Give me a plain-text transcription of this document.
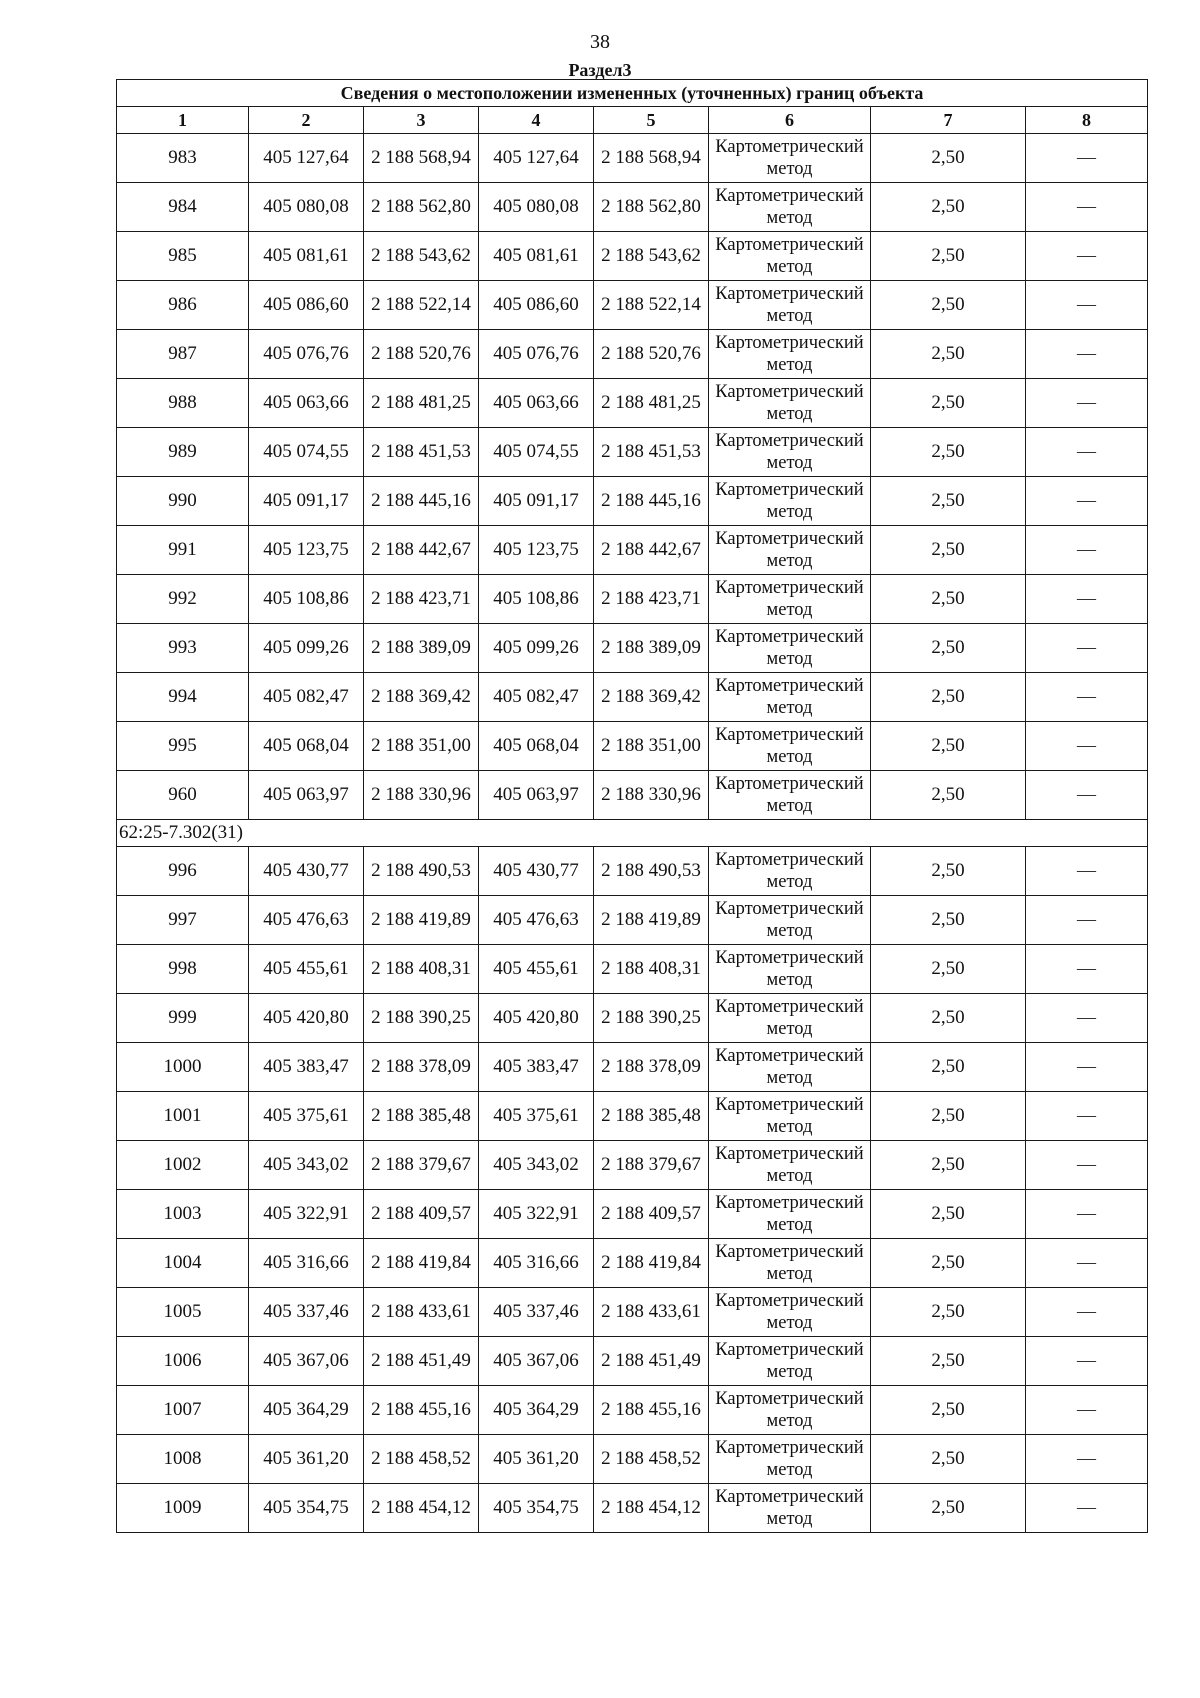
38
Раздел3
Сведения о местоположении измененных (уточненных) границ объекта							
1	2	3	4	5	6	7	8
983	405 127,64	2 188 568,94	405 127,64	2 188 568,94	Картометрический метод	2,50	—
984	405 080,08	2 188 562,80	405 080,08	2 188 562,80	Картометрический метод	2,50	—
985	405 081,61	2 188 543,62	405 081,61	2 188 543,62	Картометрический метод	2,50	—
986	405 086,60	2 188 522,14	405 086,60	2 188 522,14	Картометрический метод	2,50	—
987	405 076,76	2 188 520,76	405 076,76	2 188 520,76	Картометрический метод	2,50	—
988	405 063,66	2 188 481,25	405 063,66	2 188 481,25	Картометрический метод	2,50	—
989	405 074,55	2 188 451,53	405 074,55	2 188 451,53	Картометрический метод	2,50	—
990	405 091,17	2 188 445,16	405 091,17	2 188 445,16	Картометрический метод	2,50	—
991	405 123,75	2 188 442,67	405 123,75	2 188 442,67	Картометрический метод	2,50	—
992	405 108,86	2 188 423,71	405 108,86	2 188 423,71	Картометрический метод	2,50	—
993	405 099,26	2 188 389,09	405 099,26	2 188 389,09	Картометрический метод	2,50	—
994	405 082,47	2 188 369,42	405 082,47	2 188 369,42	Картометрический метод	2,50	—
995	405 068,04	2 188 351,00	405 068,04	2 188 351,00	Картометрический метод	2,50	—
960	405 063,97	2 188 330,96	405 063,97	2 188 330,96	Картометрический метод	2,50	—
62:25-7.302(31)							
996	405 430,77	2 188 490,53	405 430,77	2 188 490,53	Картометрический метод	2,50	—
997	405 476,63	2 188 419,89	405 476,63	2 188 419,89	Картометрический метод	2,50	—
998	405 455,61	2 188 408,31	405 455,61	2 188 408,31	Картометрический метод	2,50	—
999	405 420,80	2 188 390,25	405 420,80	2 188 390,25	Картометрический метод	2,50	—
1000	405 383,47	2 188 378,09	405 383,47	2 188 378,09	Картометрический метод	2,50	—
1001	405 375,61	2 188 385,48	405 375,61	2 188 385,48	Картометрический метод	2,50	—
1002	405 343,02	2 188 379,67	405 343,02	2 188 379,67	Картометрический метод	2,50	—
1003	405 322,91	2 188 409,57	405 322,91	2 188 409,57	Картометрический метод	2,50	—
1004	405 316,66	2 188 419,84	405 316,66	2 188 419,84	Картометрический метод	2,50	—
1005	405 337,46	2 188 433,61	405 337,46	2 188 433,61	Картометрический метод	2,50	—
1006	405 367,06	2 188 451,49	405 367,06	2 188 451,49	Картометрический метод	2,50	—
1007	405 364,29	2 188 455,16	405 364,29	2 188 455,16	Картометрический метод	2,50	—
1008	405 361,20	2 188 458,52	405 361,20	2 188 458,52	Картометрический метод	2,50	—
1009	405 354,75	2 188 454,12	405 354,75	2 188 454,12	Картометрический метод	2,50	—
